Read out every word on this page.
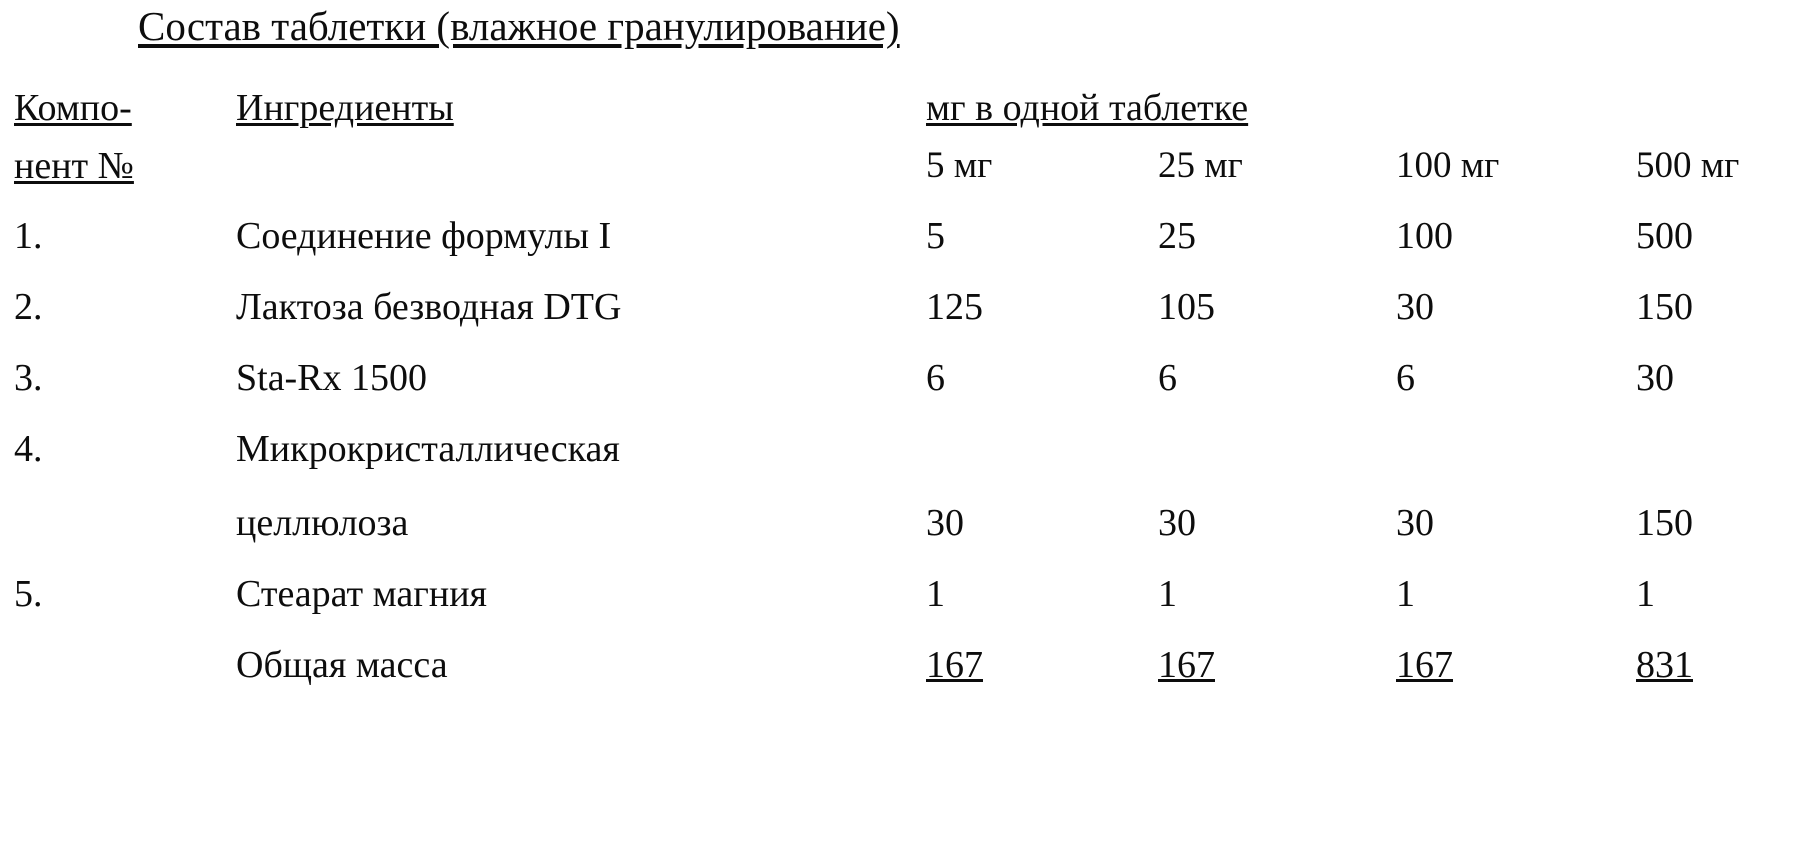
Состав таблетки (влажное гранулирование)
Компо-	Ингредиенты	мг в одной таблетке			
нент №		5 мг	25 мг	100 мг	500 мг
1.	Соединение формулы I	5	25	100	500
2.	Лактоза безводная DTG	125	105	30	150
3.	Sta-Rx 1500	6	6	6	30
4.	Микрокристаллическая				
	целлюлоза	30	30	30	150
5.	Стеарат магния	1	1	1	1
	Общая масса	167	167	167	831
